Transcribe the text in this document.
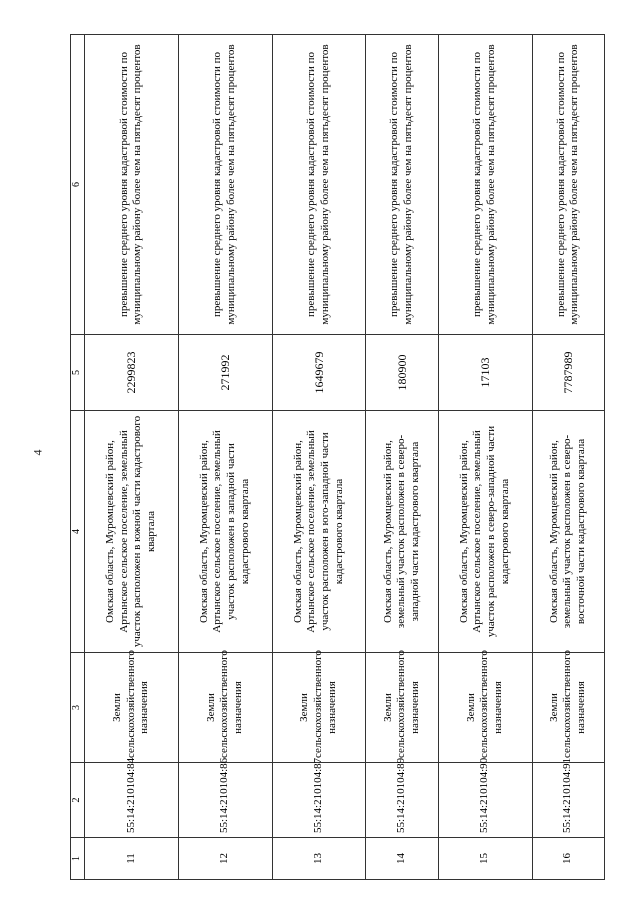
4
1	2	3	4	5	6
11	55:14:210104:84	Земли сельскохозяйственного назначения	Омская область, Муромцевский район, Артынское сельское поселение, земельный участок расположен в южной части кадастрового квартала	2299823	превышение среднего уровня кадастровой стоимости по муниципальному району более чем на пятьдесят процентов
12	55:14:210104:86	Земли сельскохозяйственного назначения	Омская область, Муромцевский район, Артынское сельское поселение, земельный участок расположен в западной части кадастрового квартала	271992	превышение среднего уровня кадастровой стоимости по муниципальному району более чем на пятьдесят процентов
13	55:14:210104:87	Земли сельскохозяйственного назначения	Омская область, Муромцевский район, Артынское сельское поселение, земельный участок расположен в юго-западной части кадастрового квартала	1649679	превышение среднего уровня кадастровой стоимости по муниципальному району более чем на пятьдесят процентов
14	55:14:210104:89	Земли сельскохозяйственного назначения	Омская область, Муромцевский район, земельный участок расположен в северо-западной части кадастрового квартала	180900	превышение среднего уровня кадастровой стоимости по муниципальному району более чем на пятьдесят процентов
15	55:14:210104:90	Земли сельскохозяйственного назначения	Омская область, Муромцевский район, Артынское сельское поселение, земельный участок расположен в северо-западной части кадастрового квартала	17103	превышение среднего уровня кадастровой стоимости по муниципальному району более чем на пятьдесят процентов
16	55:14:210104:91	Земли сельскохозяйственного назначения	Омская область, Муромцевский район, земельный участок расположен в северо-восточной части кадастрового квартала	7787989	превышение среднего уровня кадастровой стоимости по муниципальному району более чем на пятьдесят процентов
